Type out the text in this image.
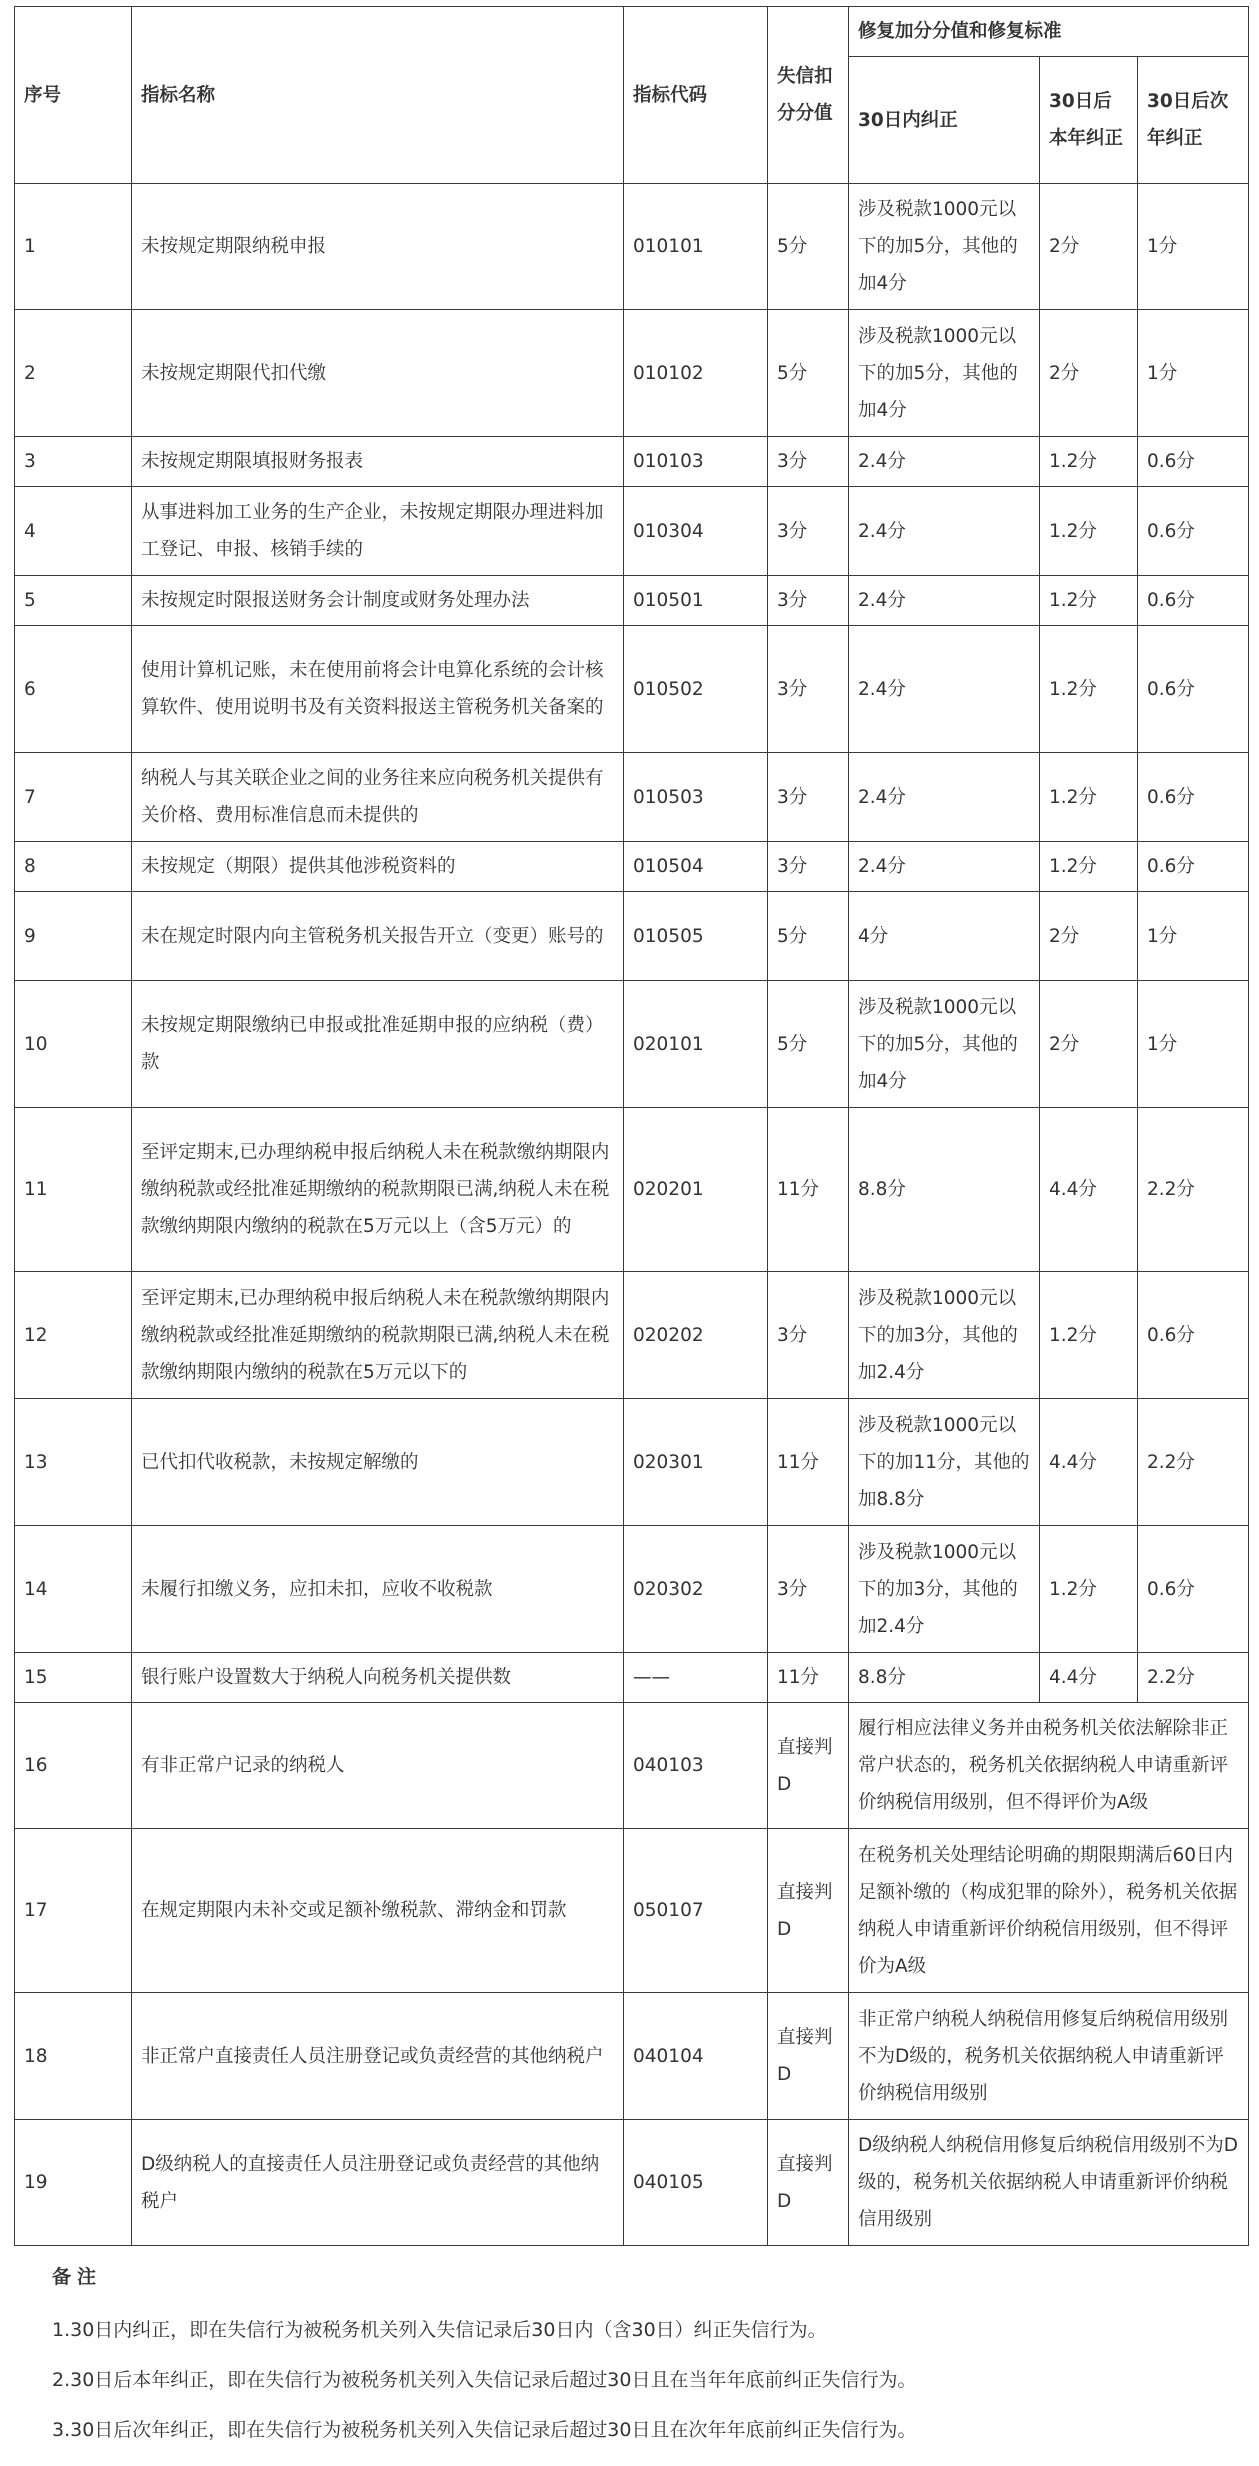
序号	指标名称	指标代码	失信扣分分值	修复加分分值和修复标准		
				30日内纠正	30日后本年纠正	30日后次年纠正
1	未按规定期限纳税申报	010101	5分	涉及税款1000元以下的加5分，其他的加4分	2分	1分
2	未按规定期限代扣代缴	010102	5分	涉及税款1000元以下的加5分，其他的加4分	2分	1分
3	未按规定期限填报财务报表	010103	3分	2.4分	1.2分	0.6分
4	从事进料加工业务的生产企业，未按规定期限办理进料加工登记、申报、核销手续的	010304	3分	2.4分	1.2分	0.6分
5	未按规定时限报送财务会计制度或财务处理办法	010501	3分	2.4分	1.2分	0.6分
6	使用计算机记账，未在使用前将会计电算化系统的会计核算软件、使用说明书及有关资料报送主管税务机关备案的	010502	3分	2.4分	1.2分	0.6分
7	纳税人与其关联企业之间的业务往来应向税务机关提供有关价格、费用标准信息而未提供的	010503	3分	2.4分	1.2分	0.6分
8	未按规定（期限）提供其他涉税资料的	010504	3分	2.4分	1.2分	0.6分
9	未在规定时限内向主管税务机关报告开立（变更）账号的	010505	5分	4分	2分	1分
10	未按规定期限缴纳已申报或批准延期申报的应纳税（费）款	020101	5分	涉及税款1000元以下的加5分，其他的加4分	2分	1分
11	至评定期末,已办理纳税申报后纳税人未在税款缴纳期限内缴纳税款或经批准延期缴纳的税款期限已满,纳税人未在税款缴纳期限内缴纳的税款在5万元以上（含5万元）的	020201	11分	8.8分	4.4分	2.2分
12	至评定期末,已办理纳税申报后纳税人未在税款缴纳期限内缴纳税款或经批准延期缴纳的税款期限已满,纳税人未在税款缴纳期限内缴纳的税款在5万元以下的	020202	3分	涉及税款1000元以下的加3分，其他的加2.4分	1.2分	0.6分
13	已代扣代收税款，未按规定解缴的	020301	11分	涉及税款1000元以下的加11分，其他的加8.8分	4.4分	2.2分
14	未履行扣缴义务，应扣未扣，应收不收税款	020302	3分	涉及税款1000元以下的加3分，其他的加2.4分	1.2分	0.6分
15	银行账户设置数大于纳税人向税务机关提供数	——	11分	8.8分	4.4分	2.2分
16	有非正常户记录的纳税人	040103	直接判D	履行相应法律义务并由税务机关依法解除非正常户状态的，税务机关依据纳税人申请重新评价纳税信用级别，但不得评价为A级		
17	在规定期限内未补交或足额补缴税款、滞纳金和罚款	050107	直接判D	在税务机关处理结论明确的期限期满后60日内足额补缴的（构成犯罪的除外），税务机关依据纳税人申请重新评价纳税信用级别，但不得评价为A级		
18	非正常户直接责任人员注册登记或负责经营的其他纳税户	040104	直接判D	非正常户纳税人纳税信用修复后纳税信用级别不为D级的，税务机关依据纳税人申请重新评价纳税信用级别		
19	D级纳税人的直接责任人员注册登记或负责经营的其他纳税户	040105	直接判D	D级纳税人纳税信用修复后纳税信用级别不为D级的，税务机关依据纳税人申请重新评价纳税信用级别		
备注
1.30日内纠正，即在失信行为被税务机关列入失信记录后30日内（含30日）纠正失信行为。
2.30日后本年纠正，即在失信行为被税务机关列入失信记录后超过30日且在当年年底前纠正失信行为。
3.30日后次年纠正，即在失信行为被税务机关列入失信记录后超过30日且在次年年底前纠正失信行为。
